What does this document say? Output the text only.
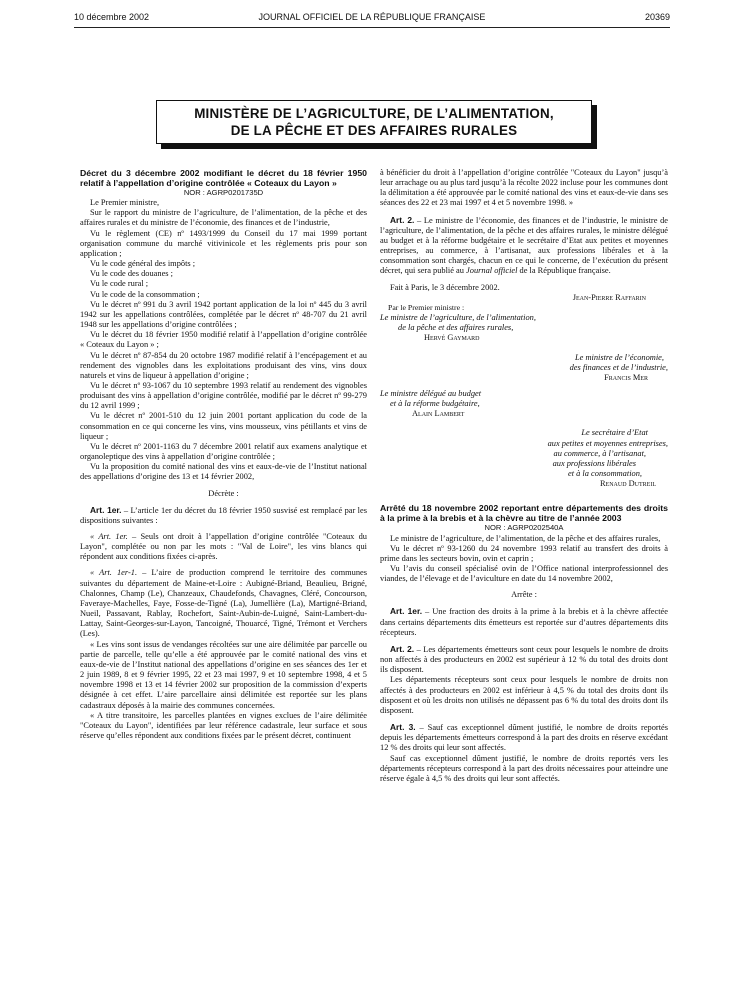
10 décembre 2002	JOURNAL OFFICIEL DE LA RÉPUBLIQUE FRANÇAISE	20369
MINISTÈRE DE L’AGRICULTURE, DE L’ALIMENTATION,
DE LA PÊCHE ET DES AFFAIRES RURALES

Décret du 3 décembre 2002 modifiant le décret du 18 février 1950 relatif à l’appellation d’origine contrôlée « Coteaux du Layon »

NOR : AGRP0201735D

Le Premier ministre,

Sur le rapport du ministre de l’agriculture, de l’alimentation, de la pêche et des affaires rurales et du ministre de l’économie, des finances et de l’industrie,

Vu le règlement (CE) nº 1493/1999 du Conseil du 17 mai 1999 portant organisation commune du marché vitivinicole et les règlements pris pour son application ;

Vu le code général des impôts ;

Vu le code des douanes ;

Vu le code rural ;

Vu le code de la consommation ;

Vu le décret nº 991 du 3 avril 1942 portant application de la loi nº 445 du 3 avril 1942 sur les appellations contrôlées, complétée par le décret nº 48-707 du 21 avril 1948 sur les appellations d’origine contrôlées ;

Vu le décret du 18 février 1950 modifié relatif à l’appellation d’origine contrôlée « Coteaux du Layon » ;

Vu le décret nº 87-854 du 20 octobre 1987 modifié relatif à l’encépagement et au rendement des vignobles dans les exploitations produisant des vins, vins doux naturels et vins de liqueur à appellation d’origine ;

Vu le décret nº 93-1067 du 10 septembre 1993 relatif au rendement des vignobles produisant des vins à appellation d’origine contrôlée, modifié par le décret nº 99-279 du 12 avril 1999 ;

Vu le décret nº 2001-510 du 12 juin 2001 portant application du code de la consommation en ce qui concerne les vins, vins mousseux, vins pétillants et vins de liqueur ;

Vu le décret nº 2001-1163 du 7 décembre 2001 relatif aux examens analytique et organoleptique des vins à appellation d’origine contrôlée ;

Vu la proposition du comité national des vins et eaux-de-vie de l’Institut national des appellations d’origine des 13 et 14 février 2002,

Décrète :

Art. 1er. – L’article 1er du décret du 18 février 1950 susvisé est remplacé par les dispositions suivantes :

« Art. 1er. – Seuls ont droit à l’appellation d’origine contrôlée "Coteaux du Layon", complétée ou non par les mots : "Val de Loire", les vins blancs qui répondent aux conditions fixées ci-après.

« Art. 1er-1. – L’aire de production comprend le territoire des communes suivantes du département de Maine-et-Loire : Aubigné-Briand, Beaulieu, Brigné, Chalonnes, Champ (Le), Chanzeaux, Chaudefonds, Chavagnes, Cléré, Concourson, Faveraye-Machelles, Faye, Fosse-de-Tigné (La), Jumellière (La), Martigné-Briand, Nueil, Passavant, Rablay, Rochefort, Saint-Aubin-de-Luigné, Saint-Lambert-du-Lattay, Saint-Georges-sur-Layon, Tancoigné, Thouarcé, Tigné, Trémont et Verchers (Les).

« Les vins sont issus de vendanges récoltées sur une aire délimitée par parcelle ou partie de parcelle, telle qu’elle a été approuvée par le comité national des vins et eaux-de-vie de l’Institut national des appellations d’origine en ses séances des 1er et 2 juin 1989, 8 et 9 février 1995, 22 et 23 mai 1997, 9 et 10 septembre 1998, 4 et 5 novembre 1998 et 13 et 14 février 2002 sur proposition de la commission d’experts désignée à cet effet. L’aire parcellaire ainsi délimitée est reportée sur les plans cadastraux déposés à la mairie des communes concernées.

« A titre transitoire, les parcelles plantées en vignes exclues de l’aire délimitée "Coteaux du Layon", identifiées par leur référence cadastrale, leur surface et sous réserve qu’elles répondent aux conditions fixées par le présent décret, continuent

à bénéficier du droit à l’appellation d’origine contrôlée "Coteaux du Layon" jusqu’à leur arrachage ou au plus tard jusqu’à la récolte 2022 incluse pour les communes dont la délimitation a été approuvée par le comité national des vins et eaux-de-vie dans ses séances des 22 et 23 mai 1997 et 4 et 5 novembre 1998. »

Art. 2. – Le ministre de l’économie, des finances et de l’industrie, le ministre de l’agriculture, de l’alimentation, de la pêche et des affaires rurales, le ministre délégué au budget et à la réforme budgétaire et le secrétaire d’Etat aux petites et moyennes entreprises, au commerce, à l’artisanat, aux professions libérales et à la consommation sont chargés, chacun en ce qui le concerne, de l’exécution du présent décret, qui sera publié au Journal officiel de la République française.

Fait à Paris, le 3 décembre 2002.

Jean-Pierre Raffarin

Par le Premier ministre :

Le ministre de l’agriculture, de l’alimentation,

de la pêche et des affaires rurales,

Hervé Gaymard

Le ministre de l’économie,

des finances et de l’industrie,

Francis Mer

Le ministre délégué au budget

et à la réforme budgétaire,

Alain Lambert

Le secrétaire d’Etat

aux petites et moyennes entreprises,

au commerce, à l’artisanat,

aux professions libérales

et à la consommation,

Renaud Dutreil

Arrêté du 18 novembre 2002 reportant entre départements des droits à la prime à la brebis et à la chèvre au titre de l’année 2003

NOR : AGRP0202540A

Le ministre de l’agriculture, de l’alimentation, de la pêche et des affaires rurales,

Vu le décret nº 93-1260 du 24 novembre 1993 relatif au transfert des droits à prime dans les secteurs bovin, ovin et caprin ;

Vu l’avis du conseil spécialisé ovin de l’Office national interprofessionnel des viandes, de l’élevage et de l’aviculture en date du 14 novembre 2002,

Arrête :

Art. 1er. – Une fraction des droits à la prime à la brebis et à la chèvre affectée dans certains départements dits émetteurs est reportée sur d’autres départements dits récepteurs.

Art. 2. – Les départements émetteurs sont ceux pour lesquels le nombre de droits non affectés à des producteurs en 2002 est supérieur à 12 % du total des droits dont ils disposent.

Les départements récepteurs sont ceux pour lesquels le nombre de droits non affectés à des producteurs en 2002 est inférieur à 4,5 % du total des droits dont ils disposent et où les droits non utilisés ne dépassent pas 6 % du total des droits dont ils disposent.

Art. 3. – Sauf cas exceptionnel dûment justifié, le nombre de droits reportés depuis les départements émetteurs correspond à la part des droits en réserve excédant 12 % des droits qui leur sont affectés.

Sauf cas exceptionnel dûment justifié, le nombre de droits reportés vers les départements récepteurs correspond à la part des droits nécessaires pour atteindre une réserve égale à 4,5 % des droits qui leur sont affectés.
